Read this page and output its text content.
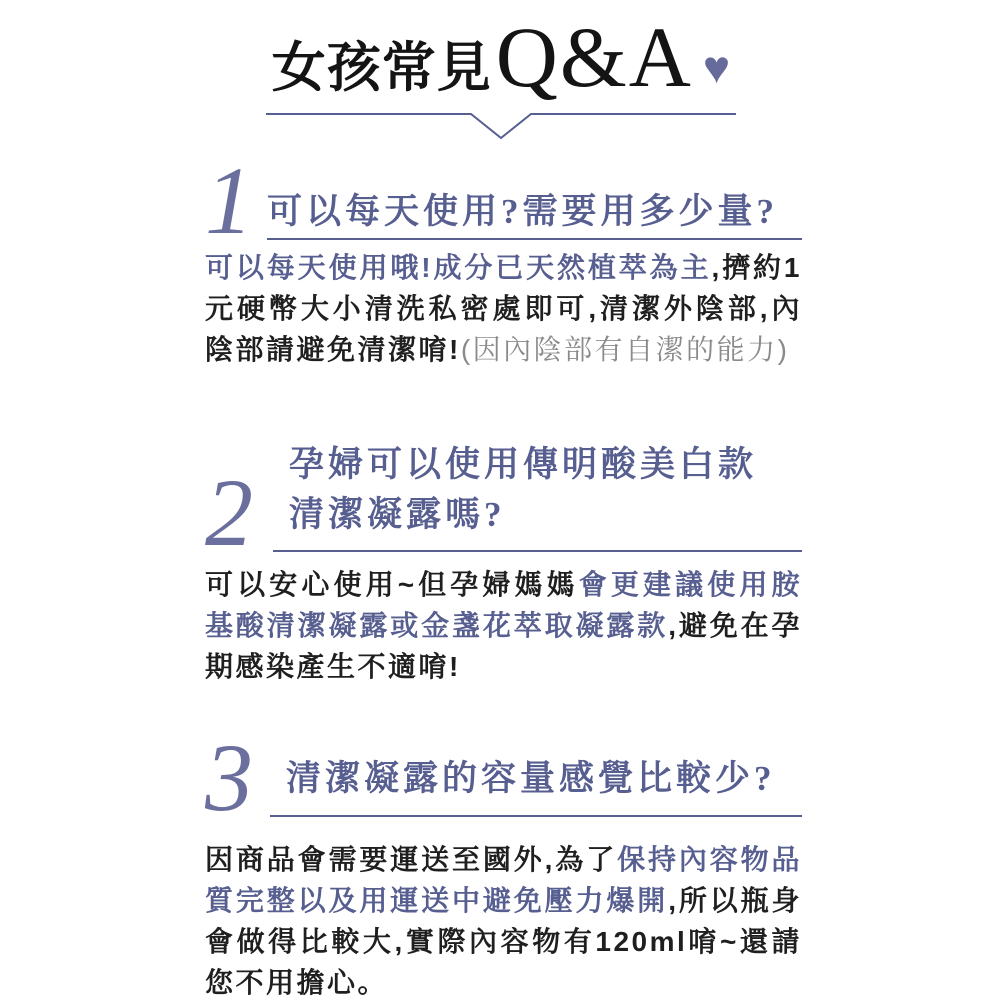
女孩常見 Q&A ♥
1 可以每天使用?需要用多少量?
可以每天使用哦!成分已天然植萃為主,擠約1元硬幣大小清洗私密處即可,清潔外陰部,內陰部請避免清潔唷!(因內陰部有自潔的能力)
2	孕婦可以使用傳明酸美白款
清潔凝露嗎?
可以安心使用~但孕婦媽媽會更建議使用胺基酸清潔凝露或金盞花萃取凝露款,避免在孕期感染產生不適唷!
3 清潔凝露的容量感覺比較少?
因商品會需要運送至國外,為了保持內容物品質完整以及用運送中避免壓力爆開,所以瓶身會做得比較大,實際內容物有120ml唷~還請您不用擔心。
